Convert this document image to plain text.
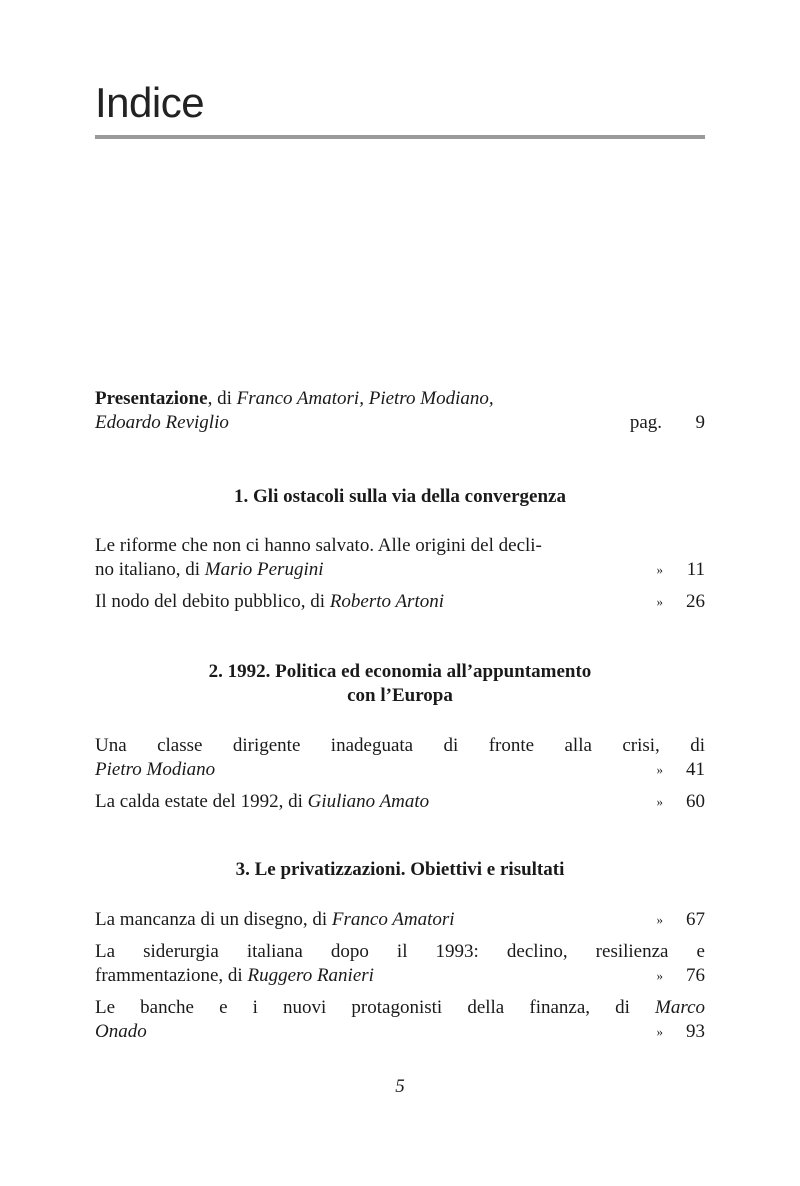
Indice
Presentazione, di Franco Amatori, Pietro Modiano,
Edoardo Reviglio	pag. 9
1. Gli ostacoli sulla via della convergenza
Le riforme che non ci hanno salvato. Alle origini del decli-
no italiano, di Mario Perugini	» 11
Il nodo del debito pubblico, di Roberto Artoni	» 26
2. 1992. Politica ed economia all’appuntamento
con l’Europa
Una classe dirigente inadeguata di fronte alla crisi, di
Pietro Modiano	» 41
La calda estate del 1992, di Giuliano Amato	» 60
3. Le privatizzazioni. Obiettivi e risultati
La mancanza di un disegno, di Franco Amatori	» 67
La siderurgia italiana dopo il 1993: declino, resilienza e
frammentazione, di Ruggero Ranieri	» 76
Le banche e i nuovi protagonisti della finanza, di Marco
Onado	» 93
5
